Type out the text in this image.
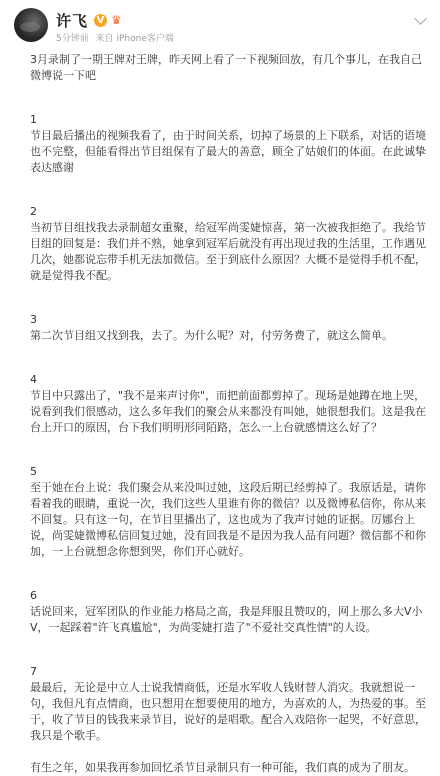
许飞 V ♛
5分钟前 来自 iPhone客户端

3月录制了一期王牌对王牌，昨天网上看了一下视频回放，有几个事儿，在我自己微博说一下吧

1

节目最后播出的视频我看了，由于时间关系，切掉了场景的上下联系，对话的语境也不完整，但能看得出节目组保有了最大的善意，顾全了姑娘们的体面。在此诚挚表达感谢

2

当初节目组找我去录制超女重聚，给冠军尚雯婕惊喜，第一次被我拒绝了。我给节目组的回复是：我们并不熟，她拿到冠军后就没有再出现过我的生活里，工作遇见几次，她都说忘带手机无法加微信。至于到底什么原因？大概不是觉得手机不配，就是觉得我不配。

3

第二次节目组又找到我，去了。为什么呢？对，付劳务费了，就这么简单。

4

节目中只露出了，"我不是来声讨你"，而把前面都剪掉了。现场是她蹲在地上哭，说看到我们很感动，这么多年我们的聚会从来都没有叫她，她很想我们。这是我在台上开口的原因，台下我们明明形同陌路，怎么一上台就感情这么好了？

5

至于她在台上说：我们聚会从来没叫过她，这段后期已经剪掉了。我原话是，请你看着我的眼睛，重说一次，我们这些人里谁有你的微信？以及微博私信你，你从来不回复。只有这一句，在节目里播出了，这也成为了我声讨她的证据。厉娜台上说，尚雯婕微博私信回复过她，没有回我是不是因为我人品有问题？微信都不和你加，一上台就想念你想到哭，你们开心就好。

6

话说回来，冠军团队的作业能力格局之高，我是拜服且赞叹的，网上那么多大V小V，一起踩着"许飞真尴尬"，为尚雯婕打造了"不爱社交真性情"的人设。

7

最最后，无论是中立人士说我情商低，还是水军收人钱财替人消灾。我就想说一句，我但凡有点情商，也只想用在想要使用的地方，为喜欢的人，为热爱的事。至于，收了节目的钱我来录节目，说好的是唱歌。配合入戏陪你一起哭，不好意思，我只是个歌手。

有生之年，如果我再参加回忆杀节目录制只有一种可能，我们真的成为了朋友。
